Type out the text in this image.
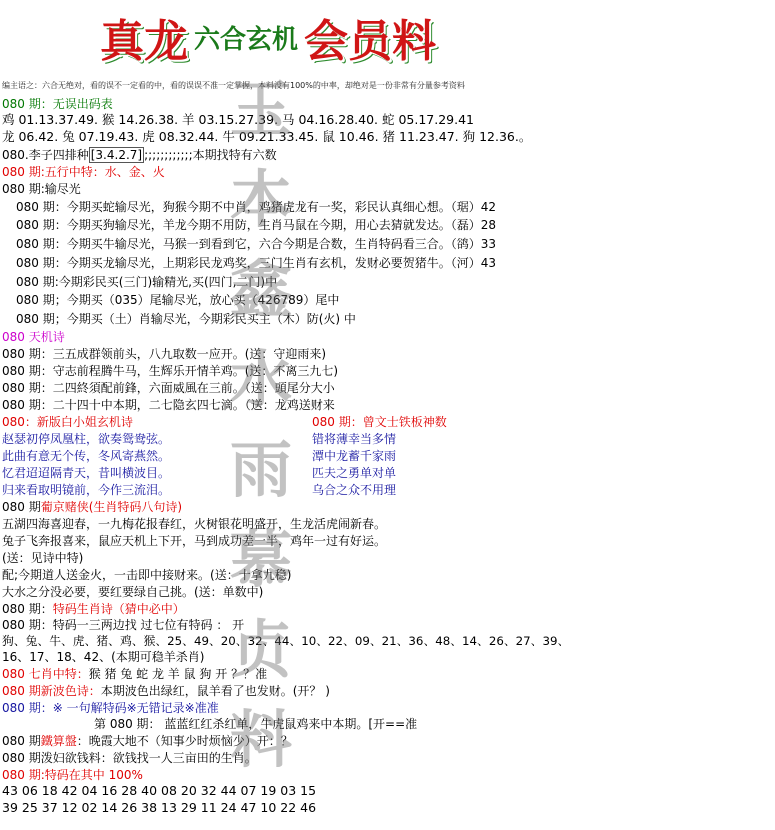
真龙 六合玄机 会员料
编主语之：六合无绝对，看的误不一定看的中，看的误误不准一定掌握，本料没有100%的中率，却绝对是一份非常有分量参考资料
080 期：无误出码表
鸡 01.13.37.49. 猴 14.26.38. 羊 03.15.27.39. 马 04.16.28.40. 蛇 05.17.29.41
龙 06.42. 兔 07.19.43. 虎 08.32.44. 牛 09.21.33.45. 鼠 10.46. 猪 11.23.47. 狗 12.36.。
080.李子四排种 [3.4.2.7] ;;;;;;;;;;;;本期找特有六数
080 期:五行中特：水、金、火
080 期:输尽光
080 期：今期买蛇输尽光，狗猴今期不中肖，鸡猪虎龙有一奖，彩民认真细心想。（琚）42
080 期：今期买狗输尽光，羊龙今期不用防，生肖马鼠在今期，用心去猜就发达。（磊）28
080 期：今期买牛输尽光，马猴一到看到它，六合今期是合数，生肖特码看三合。（鹆）33
080 期：今期买龙输尽光，上期彩民龙鸡奖，三门生肖有玄机，发财必要贺猪牛。（河）43
080 期:今期彩民买(三门)输精光,买(四门,二门)中
080 期；今期买（035）尾输尽光，放心买（426789）尾中
080 期；今期买（土）肖输尽光，今期彩民买主（木）防(火) 中
080 天机诗
080 期：三五成群领前头，八九取数一应开。(送：守迎雨来)
080 期：守志前程腾牛马，生辉乐开情羊鸡。(送：不离三九七)
080 期：二四終須配前鋒，六面威風在三前。（送：頭尾分大小
080 期：二十四十中本期，二七隐玄四七滴。（送：龙鸡送财来
080：新版白小姐玄机诗	080 期：曾文士铁板神数
赵瑟初停凤凰柱，欲奏鸳鸯弦。
此曲有意无个传，冬风寄燕然。
忆君迢迢隔青天，昔叫横波目。
归来看取明镜前，今作三流泪。
错将薄幸当多情
潭中龙蓄千家雨
匹夫之勇单对单
乌合之众不用理
080 期葡京赌侠(生肖特码八句诗)
五湖四海喜迎春，一九梅花报春红，火树银花明盛开，生龙活虎闹新春。
兔子飞奔报喜来，鼠应天机上下开，马到成功差一半，鸡年一过有好运。
(送：见诗中特)
配;今期道人送金火，一击即中接财来。(送：十拿九稳)
大水之分没必要，要红要绿自己挑。(送：单数中)
080 期：特码生肖诗（猜中必中）
080 期：特码一三两边找 过七位有特码 ： 开
狗、兔、牛、虎、猪、鸡、猴、25、49、20、32、44、10、22、09、21、36、48、14、26、27、39、
16、17、18、42、(本期可稳羊杀肖)
080 七肖中特：猴 猪 兔 蛇 龙 羊 鼠 狗 开 ？？准
080 期新波色诗：本期波色出绿红，鼠羊看了也发财。(开？ )
080 期：※ 一句解特码※无错记录※准准
第 080 期： 蓝蓝红红杀红单，牛虎鼠鸡来中本期。[开==准
080 期鐵算盤：晚霞大地不（知事少时烦恼少）开：？
080 期泼妇欲钱料：欲钱找一人三亩田的生肖。
080 期:特码在其中 100%
43 06 18 42 04 16 28 40 08 20 32 44 07 19 03 15
39 25 37 12 02 14 26 38 13 29 11 24 47 10 22 46
玉
本
鑫
水
雨
慕
贞
料
